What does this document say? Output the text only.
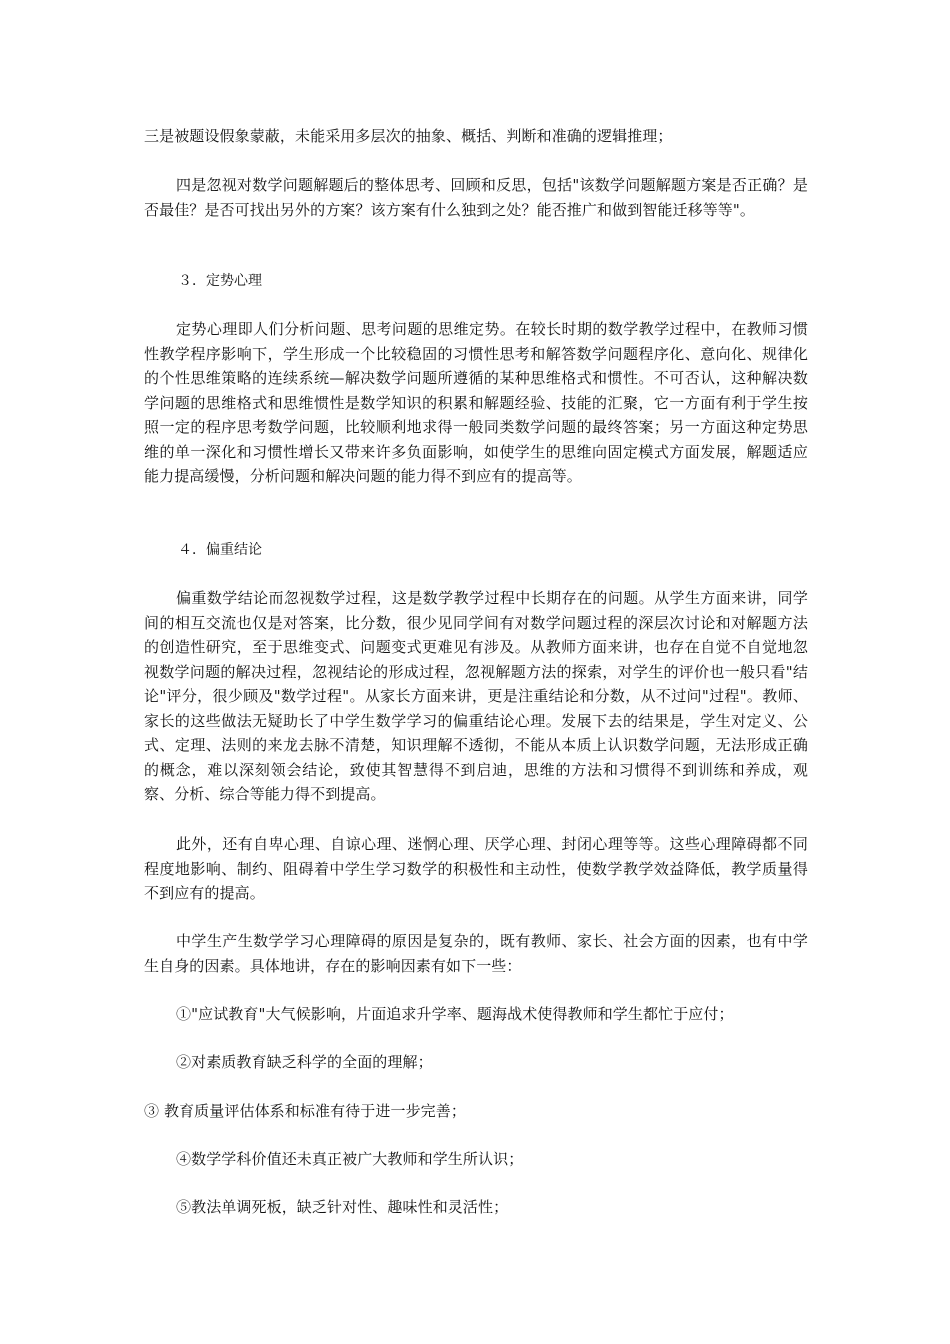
三是被题设假象蒙蔽，未能采用多层次的抽象、概括、判断和准确的逻辑推理；
四是忽视对数学问题解题后的整体思考、回顾和反思，包括"该数学问题解题方案是否正确？是否最佳？是否可找出另外的方案？该方案有什么独到之处？能否推广和做到智能迁移等等"。
３．定势心理
定势心理即人们分析问题、思考问题的思维定势。在较长时期的数学教学过程中，在教师习惯性教学程序影响下，学生形成一个比较稳固的习惯性思考和解答数学问题程序化、意向化、规律化的个性思维策略的连续系统—解决数学问题所遵循的某种思维格式和惯性。不可否认，这种解决数学问题的思维格式和思维惯性是数学知识的积累和解题经验、技能的汇聚，它一方面有利于学生按照一定的程序思考数学问题，比较顺利地求得一般同类数学问题的最终答案；另一方面这种定势思维的单一深化和习惯性增长又带来许多负面影响，如使学生的思维向固定模式方面发展，解题适应能力提高缓慢，分析问题和解决问题的能力得不到应有的提高等。
４．偏重结论
偏重数学结论而忽视数学过程，这是数学教学过程中长期存在的问题。从学生方面来讲，同学间的相互交流也仅是对答案，比分数，很少见同学间有对数学问题过程的深层次讨论和对解题方法的创造性研究，至于思维变式、问题变式更难见有涉及。从教师方面来讲，也存在自觉不自觉地忽视数学问题的解决过程，忽视结论的形成过程，忽视解题方法的探索，对学生的评价也一般只看"结论"评分，很少顾及"数学过程"。从家长方面来讲，更是注重结论和分数，从不过问"过程"。教师、家长的这些做法无疑助长了中学生数学学习的偏重结论心理。发展下去的结果是，学生对定义、公式、定理、法则的来龙去脉不清楚，知识理解不透彻，不能从本质上认识数学问题，无法形成正确的概念，难以深刻领会结论，致使其智慧得不到启迪，思维的方法和习惯得不到训练和养成，观察、分析、综合等能力得不到提高。
此外，还有自卑心理、自谅心理、迷惘心理、厌学心理、封闭心理等等。这些心理障碍都不同程度地影响、制约、阻碍着中学生学习数学的积极性和主动性，使数学教学效益降低，教学质量得不到应有的提高。
中学生产生数学学习心理障碍的原因是复杂的，既有教师、家长、社会方面的因素，也有中学生自身的因素。具体地讲，存在的影响因素有如下一些：
①"应试教育"大气候影响，片面追求升学率、题海战术使得教师和学生都忙于应付；
②对素质教育缺乏科学的全面的理解；
③ 教育质量评估体系和标准有待于进一步完善；
④数学学科价值还未真正被广大教师和学生所认识；
⑤教法单调死板，缺乏针对性、趣味性和灵活性；
